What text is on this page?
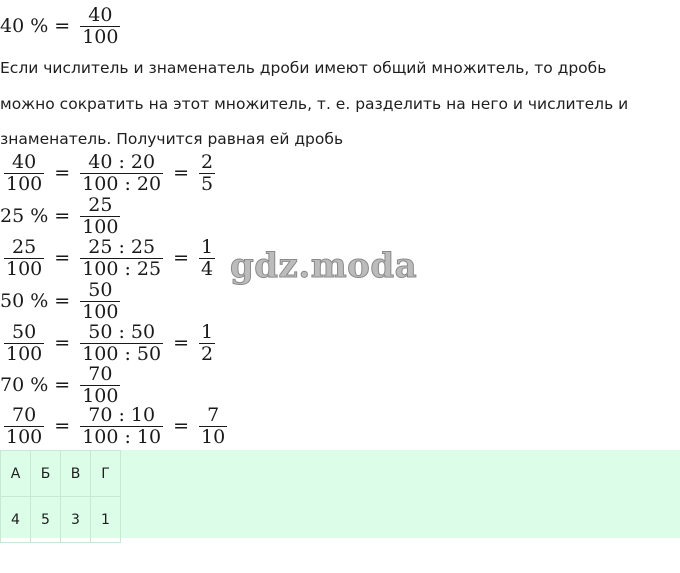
40 % = $\frac{40}{100}$
Если числитель и знаменатель дроби имеют общий множитель, то дробь
можно сократить на этот множитель, т. е. разделить на него и числитель и
знаменатель. Получится равная ей дробь
$\frac{40}{100} = \frac{40 : 20}{100 : 20} = \frac{2}{5}$
25 % = $\frac{25}{100}$
$\frac{25}{100} = \frac{25 : 25}{100 : 25} = \frac{1}{4}$
50 % = $\frac{50}{100}$
$\frac{50}{100} = \frac{50 : 50}{100 : 50} = \frac{1}{2}$
70 % = $\frac{70}{100}$
$\frac{70}{100} = \frac{70 : 10}{100 : 10} = \frac{7}{10}$
gdz.moda
А	Б	В	Г
4	5	3	1
